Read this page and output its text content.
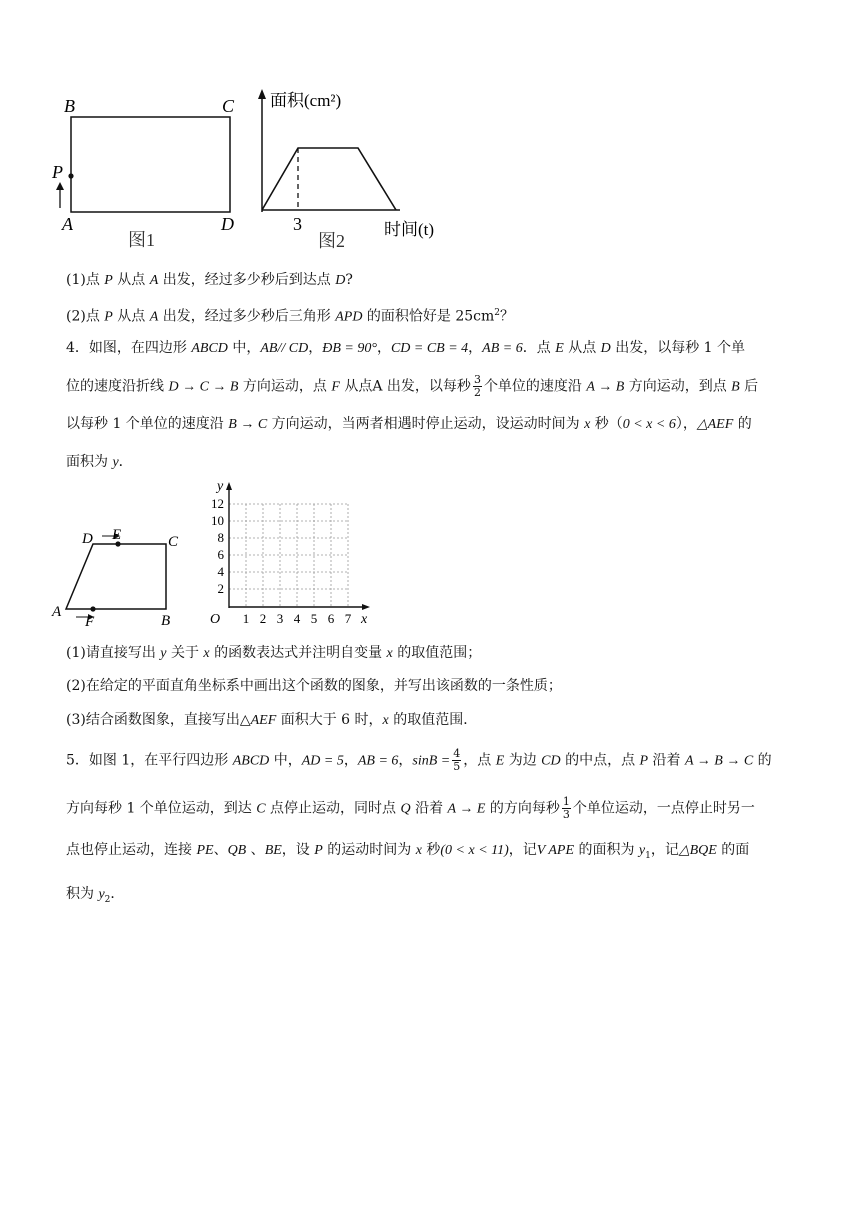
B	C
P
A	D
图1
面积(cm²)
3	时间(t)
图2
(1)点 P 从点 A 出发，经过多少秒后到达点 D?
(2)点 P 从点 A 出发，经过多少秒后三角形 APD 的面积恰好是 $25cm^2$？
4．如图，在四边形 ABCD 中，AB// CD，ÐB = 90°，CD = CB = 4，AB = 6．点 E 从点 D 出发，以每秒 1 个单
位的速度沿折线 D → C → B 方向运动，点 F 从点A 出发，以每秒 $\frac{3}{2}$ 个单位的速度沿 A → B 方向运动，到点 B 后
以每秒 1 个单位的速度沿 B → C 方向运动，当两者相遇时停止运动，设运动时间为 x 秒（0 < x < 6），△AEF 的
面积为 y．
D E	C
A
F	B
y
x
O
12
10
8
6
4
2
1 2 3 4 5 6 7
(1)请直接写出 y 关于 x 的函数表达式并注明自变量 x 的取值范围；
(2)在给定的平面直角坐标系中画出这个函数的图象，并写出该函数的一条性质；
(3)结合函数图象，直接写出△AEF 面积大于 6 时，x 的取值范围．
5．如图 1，在平行四边形 ABCD 中，AD = 5，AB = 6，$\sin B = \frac{4}{5}$ ，点 E 为边 CD 的中点，点 P 沿着 A → B → C 的
方向每秒 1 个单位运动，到达 C 点停止运动，同时点 Q 沿着 A → E 的方向每秒 $\frac{1}{3}$ 个单位运动，一点停止时另一
点也停止运动，连接 PE、QB 、BE，设 P 的运动时间为 x 秒(0 < x < 11)，记V APE 的面积为 $y_1$，记△BQE 的面
积为 $y_2$．
